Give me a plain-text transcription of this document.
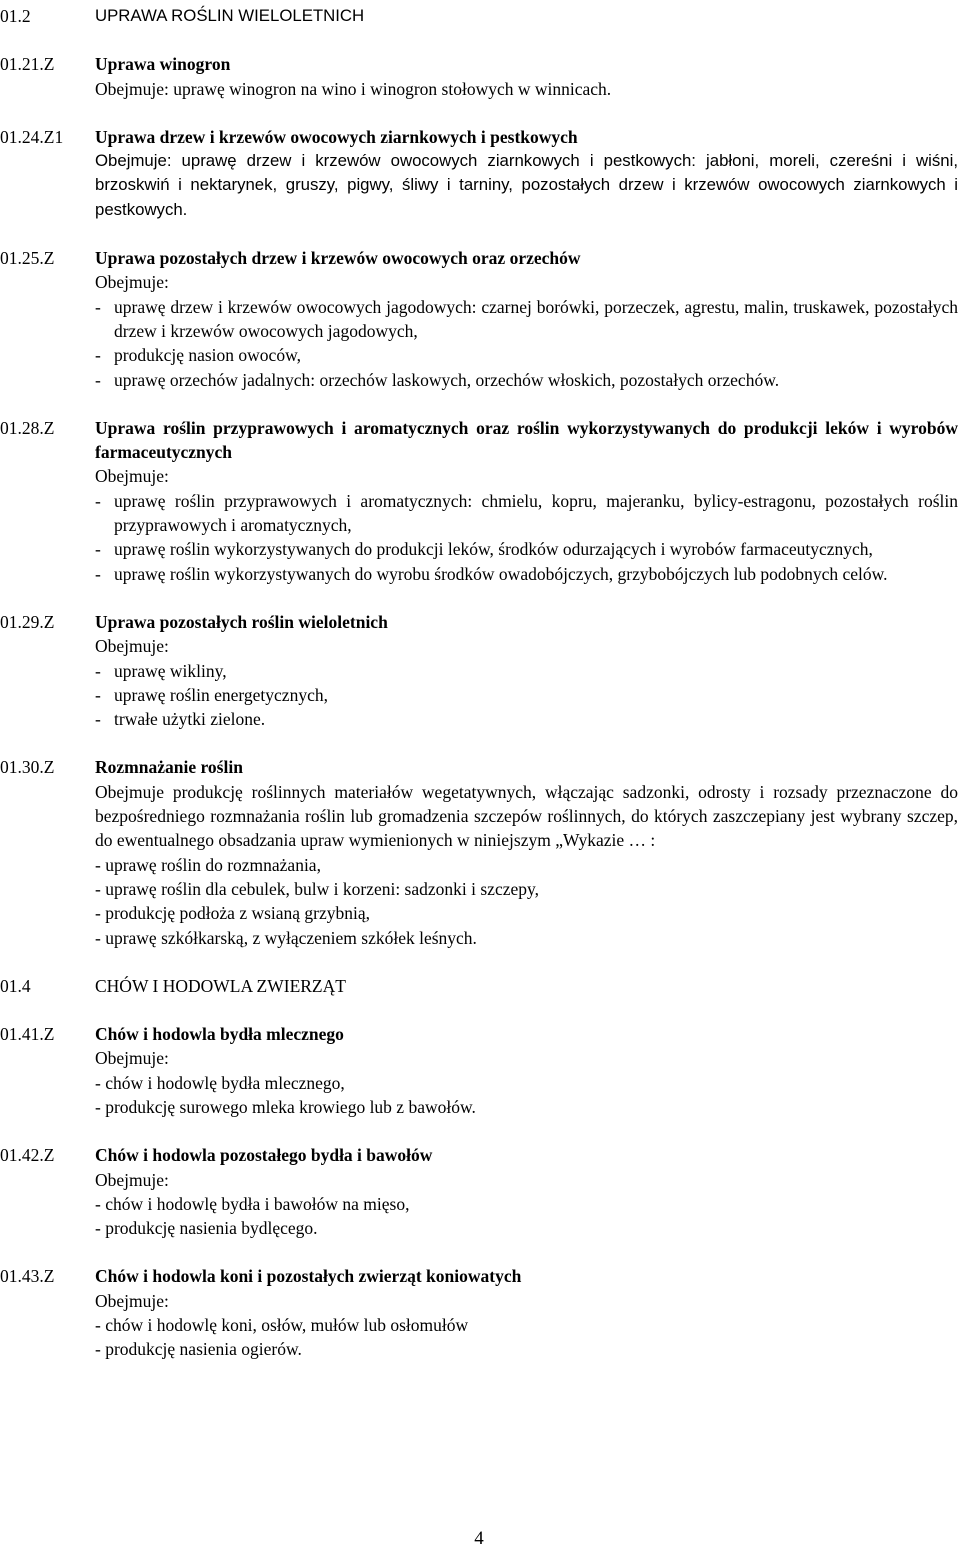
01.2	UPRAWA ROŚLIN WIELOLETNICH
01.21.Z	Uprawa winogron
Obejmuje: uprawę winogron na wino i winogron stołowych w winnicach.
01.24.Z1	Uprawa drzew i krzewów owocowych ziarnkowych i pestkowych
Obejmuje: uprawę drzew i krzewów owocowych ziarnkowych i pestkowych: jabłoni, moreli, czereśni i wiśni, brzoskwiń i nektarynek, gruszy, pigwy, śliwy i tarniny, pozostałych drzew i krzewów owocowych ziarnkowych i pestkowych.
01.25.Z	Uprawa pozostałych drzew i krzewów owocowych oraz orzechów
Obejmuje:
- uprawę drzew i krzewów owocowych jagodowych: czarnej borówki, porzeczek, agrestu, malin, truskawek, pozostałych drzew i krzewów owocowych jagodowych,
- produkcję nasion owoców,
- uprawę orzechów jadalnych: orzechów laskowych, orzechów włoskich, pozostałych orzechów.
01.28.Z	Uprawa roślin przyprawowych i aromatycznych oraz roślin wykorzystywanych do produkcji leków i wyrobów farmaceutycznych
Obejmuje:
- uprawę roślin przyprawowych i aromatycznych: chmielu, kopru, majeranku, bylicy-estragonu, pozostałych roślin przyprawowych i aromatycznych,
- uprawę roślin wykorzystywanych do produkcji leków, środków odurzających i wyrobów farmaceutycznych,
- uprawę roślin wykorzystywanych do wyrobu środków owadobójczych, grzybobójczych lub podobnych celów.
01.29.Z	Uprawa pozostałych roślin wieloletnich
Obejmuje:
- uprawę wikliny,
- uprawę roślin energetycznych,
- trwałe użytki zielone.
01.30.Z	Rozmnażanie roślin
Obejmuje produkcję roślinnych materiałów wegetatywnych, włączając sadzonki, odrosty i rozsady przeznaczone do bezpośredniego rozmnażania roślin lub gromadzenia szczepów roślinnych, do których zaszczepiany jest wybrany szczep, do ewentualnego obsadzania upraw wymienionych w niniejszym „Wykazie … :
- uprawę roślin do rozmnażania,
- uprawę roślin dla cebulek, bulw i korzeni: sadzonki i szczepy,
- produkcję podłoża z wsianą grzybnią,
- uprawę szkółkarską, z wyłączeniem szkółek leśnych.
01.4	CHÓW I HODOWLA ZWIERZĄT
01.41.Z	Chów i hodowla bydła mlecznego
Obejmuje:
- chów i hodowlę bydła mlecznego,
- produkcję surowego mleka krowiego lub z bawołów.
01.42.Z	Chów i hodowla pozostałego bydła i bawołów
Obejmuje:
- chów i hodowlę bydła i bawołów na mięso,
- produkcję nasienia bydlęcego.
01.43.Z	Chów i hodowla koni i pozostałych zwierząt koniowatych
Obejmuje:
- chów i hodowlę koni, osłów, mułów lub osłomułów
- produkcję nasienia ogierów.
4
